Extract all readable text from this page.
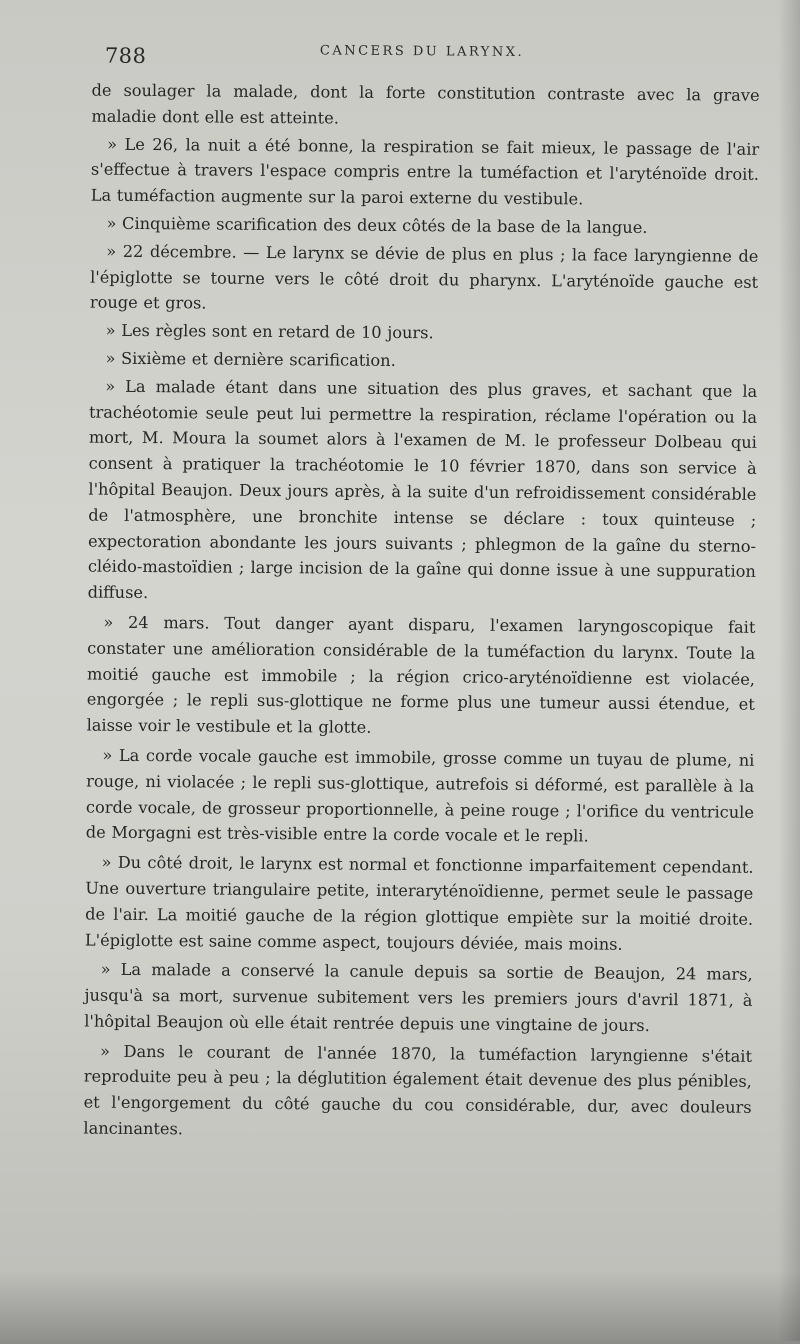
788	CANCERS DU LARYNX.

de soulager la malade, dont la forte constitution contraste avec la grave maladie dont elle est atteinte.

» Le 26, la nuit a été bonne, la respiration se fait mieux, le passage de l'air s'effectue à travers l'espace compris entre la tuméfaction et l'aryténoïde droit. La tuméfaction augmente sur la paroi externe du vestibule.

» Cinquième scarification des deux côtés de la base de la langue.

» 22 décembre. — Le larynx se dévie de plus en plus ; la face laryngienne de l'épiglotte se tourne vers le côté droit du pharynx. L'aryténoïde gauche est rouge et gros.

» Les règles sont en retard de 10 jours.

» Sixième et dernière scarification.

» La malade étant dans une situation des plus graves, et sachant que la trachéotomie seule peut lui permettre la respiration, réclame l'opération ou la mort, M. Moura la soumet alors à l'examen de M. le professeur Dolbeau qui consent à pratiquer la trachéotomie le 10 février 1870, dans son service à l'hôpital Beaujon. Deux jours après, à la suite d'un refroidissement considérable de l'atmosphère, une bronchite intense se déclare : toux quinteuse ; expectoration abondante les jours suivants ; phlegmon de la gaîne du sterno-cléido-mastoïdien ; large incision de la gaîne qui donne issue à une suppuration diffuse.

» 24 mars. Tout danger ayant disparu, l'examen laryngoscopique fait constater une amélioration considérable de la tuméfaction du larynx. Toute la moitié gauche est immobile ; la région crico-aryténoïdienne est violacée, engorgée ; le repli sus-glottique ne forme plus une tumeur aussi étendue, et laisse voir le vestibule et la glotte.

» La corde vocale gauche est immobile, grosse comme un tuyau de plume, ni rouge, ni violacée ; le repli sus-glottique, autrefois si déformé, est parallèle à la corde vocale, de grosseur proportionnelle, à peine rouge ; l'orifice du ventricule de Morgagni est très-visible entre la corde vocale et le repli.

» Du côté droit, le larynx est normal et fonctionne imparfaitement cependant. Une ouverture triangulaire petite, interaryténoïdienne, permet seule le passage de l'air. La moitié gauche de la région glottique empiète sur la moitié droite. L'épiglotte est saine comme aspect, toujours déviée, mais moins.

» La malade a conservé la canule depuis sa sortie de Beaujon, 24 mars, jusqu'à sa mort, survenue subitement vers les premiers jours d'avril 1871, à l'hôpital Beaujon où elle était rentrée depuis une vingtaine de jours.

» Dans le courant de l'année 1870, la tuméfaction laryngienne s'était reproduite peu à peu ; la déglutition également était devenue des plus pénibles, et l'engorgement du côté gauche du cou considérable, dur, avec douleurs lancinantes.
